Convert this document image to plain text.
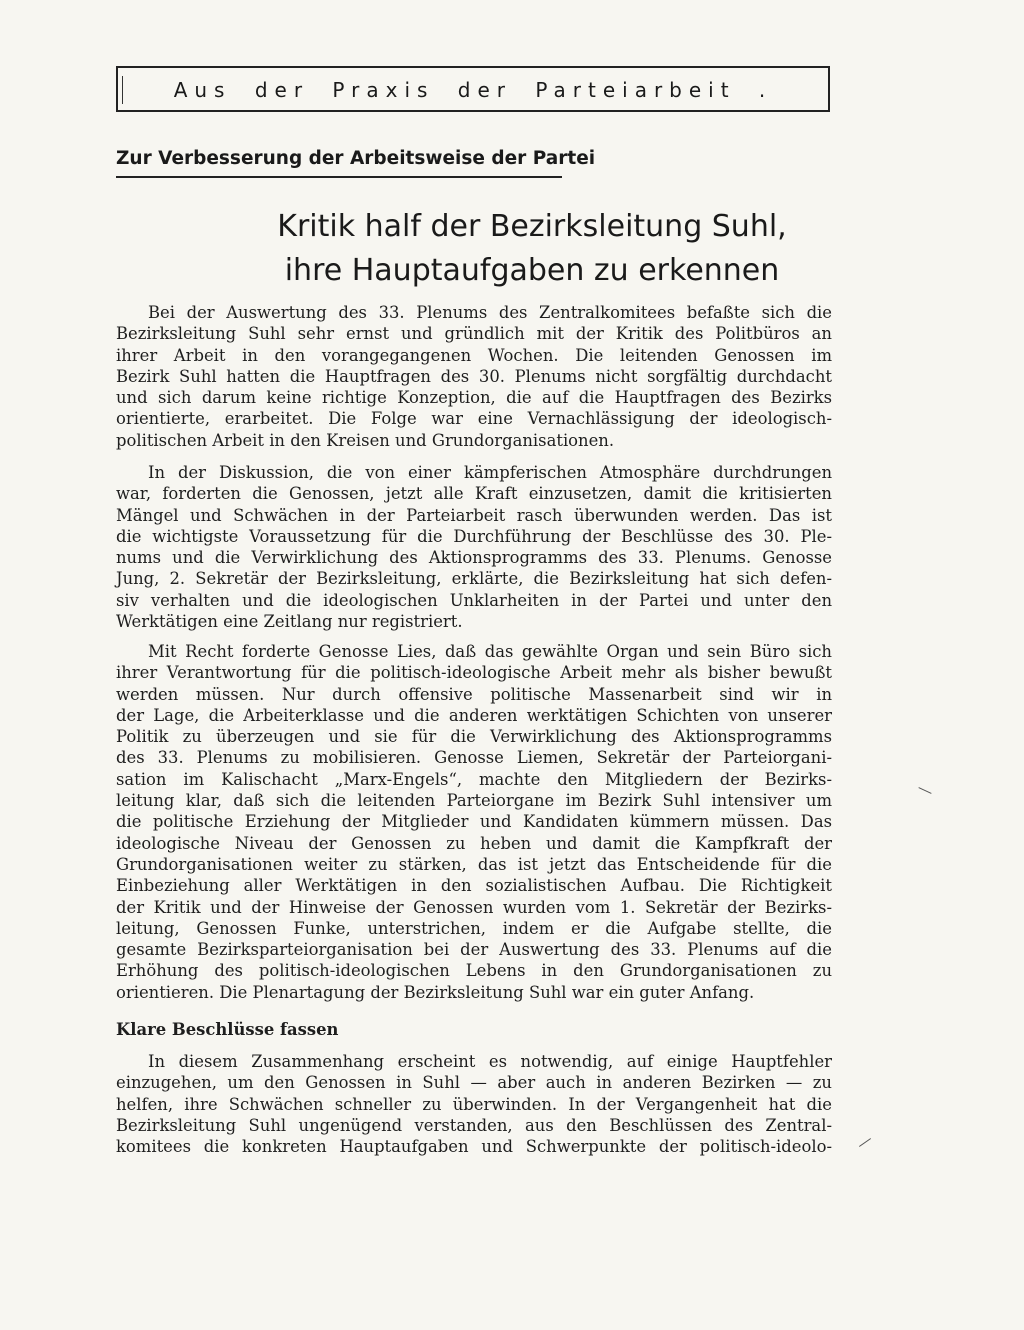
Aus der Praxis der Parteiarbeit .
Zur Verbesserung der Arbeitsweise der Partei
Kritik half der Bezirksleitung Suhl,
ihre Hauptaufgaben zu erkennen
Bei der Auswertung des 33. Plenums des Zentralkomitees befaßte sich die
Bezirksleitung Suhl sehr ernst und gründlich mit der Kritik des Politbüros an
ihrer Arbeit in den vorangegangenen Wochen. Die leitenden Genossen im
Bezirk Suhl hatten die Hauptfragen des 30. Plenums nicht sorgfältig durchdacht
und sich darum keine richtige Konzeption, die auf die Hauptfragen des Bezirks
orientierte, erarbeitet. Die Folge war eine Vernachlässigung der ideologisch-
politischen Arbeit in den Kreisen und Grundorganisationen.
In der Diskussion, die von einer kämpferischen Atmosphäre durchdrungen
war, forderten die Genossen, jetzt alle Kraft einzusetzen, damit die kritisierten
Mängel und Schwächen in der Parteiarbeit rasch überwunden werden. Das ist
die wichtigste Voraussetzung für die Durchführung der Beschlüsse des 30. Ple-
nums und die Verwirklichung des Aktionsprogramms des 33. Plenums. Genosse
Jung, 2. Sekretär der Bezirksleitung, erklärte, die Bezirksleitung hat sich defen-
siv verhalten und die ideologischen Unklarheiten in der Partei und unter den
Werktätigen eine Zeitlang nur registriert.
Mit Recht forderte Genosse Lies, daß das gewählte Organ und sein Büro sich
ihrer Verantwortung für die politisch-ideologische Arbeit mehr als bisher bewußt
werden müssen. Nur durch offensive politische Massenarbeit sind wir in
der Lage, die Arbeiterklasse und die anderen werktätigen Schichten von unserer
Politik zu überzeugen und sie für die Verwirklichung des Aktionsprogramms
des 33. Plenums zu mobilisieren. Genosse Liemen, Sekretär der Parteiorgani-
sation im Kalischacht „Marx-Engels“, machte den Mitgliedern der Bezirks-
leitung klar, daß sich die leitenden Parteiorgane im Bezirk Suhl intensiver um
die politische Erziehung der Mitglieder und Kandidaten kümmern müssen. Das
ideologische Niveau der Genossen zu heben und damit die Kampfkraft der
Grundorganisationen weiter zu stärken, das ist jetzt das Entscheidende für die
Einbeziehung aller Werktätigen in den sozialistischen Aufbau. Die Richtigkeit
der Kritik und der Hinweise der Genossen wurden vom 1. Sekretär der Bezirks-
leitung, Genossen Funke, unterstrichen, indem er die Aufgabe stellte, die
gesamte Bezirksparteiorganisation bei der Auswertung des 33. Plenums auf die
Erhöhung des politisch-ideologischen Lebens in den Grundorganisationen zu
orientieren. Die Plenartagung der Bezirksleitung Suhl war ein guter Anfang.
Klare Beschlüsse fassen
In diesem Zusammenhang erscheint es notwendig, auf einige Hauptfehler
einzugehen, um den Genossen in Suhl — aber auch in anderen Bezirken — zu
helfen, ihre Schwächen schneller zu überwinden. In der Vergangenheit hat die
Bezirksleitung Suhl ungenügend verstanden, aus den Beschlüssen des Zentral-
komitees die konkreten Hauptaufgaben und Schwerpunkte der politisch-ideolo-
